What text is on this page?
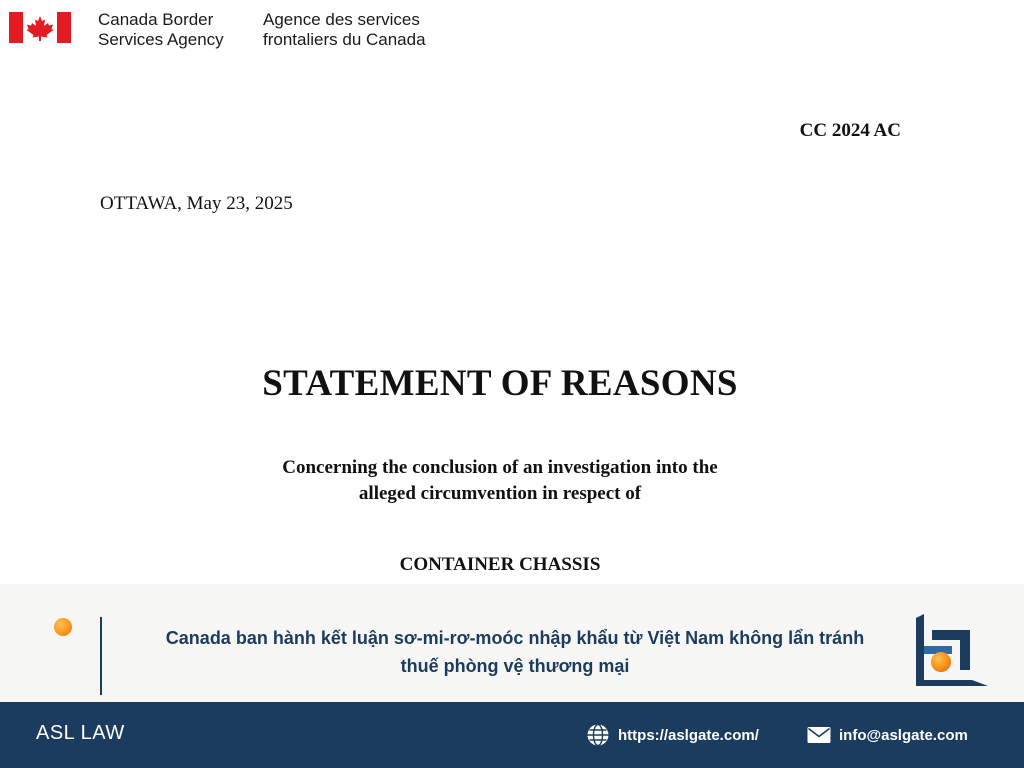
Canada Border
Services Agency
Agence des services
frontaliers du Canada
CC 2024 AC
OTTAWA, May 23, 2025
STATEMENT OF REASONS
Concerning the conclusion of an investigation into the
alleged circumvention in respect of
CONTAINER CHASSIS
Canada ban hành kết luận sơ-mi-rơ-moóc nhập khẩu từ Việt Nam không lẩn tránh
thuế phòng vệ thương mại
ASL LAW	https://aslgate.com/	info@aslgate.com
